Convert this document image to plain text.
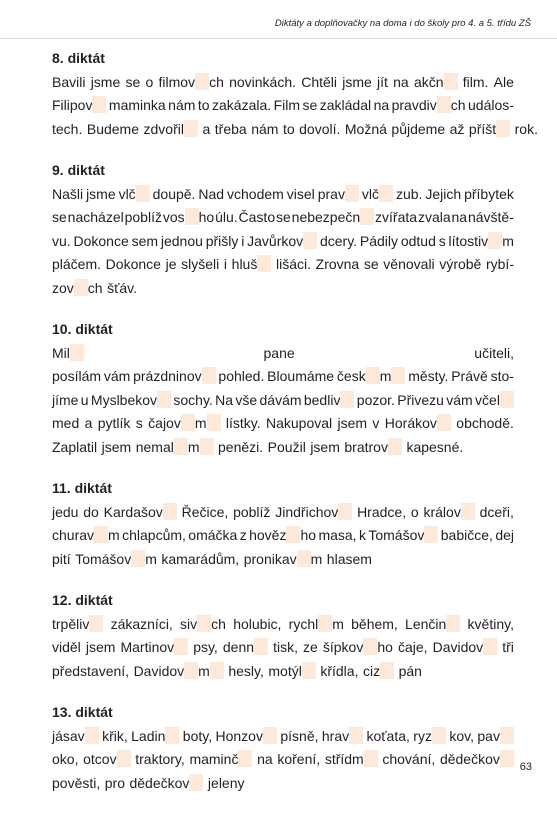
Diktáty a doplňovačky na doma i do školy pro 4. a 5. třídu ZŠ

8. diktát

Bavili jsme se o filmov ch novinkách. Chtěli jsme jít na akčn	film. Ale

Filipov	maminka nám to zakázala. Film se zakládal na pravdiv ch událos-

tech. Budeme zdvořil	a třeba nám to dovolí. Možná půjdeme až příšt	rok.

9. diktát

Našli jsme vlč	doupě. Nad vchodem visel prav	vlč	zub. Jejich příbytek

se nacházel poblíž vos ho úlu. Často se nebezpečn	zvířata zvala na návště-

vu. Dokonce sem jednou přišly i Javůrkov	dcery. Pádily odtud s lítostiv m

pláčem. Dokonce je slyšeli i hluš	lišáci. Zrovna se věnovali výrobě rybí-

zov ch šťáv.

10. diktát

Mil	pane	učiteli,

posílám vám prázdninov	pohled. Bloumáme česk m	městy. Právě sto-

jíme u Myslbekov	sochy. Na vše dávám bedliv	pozor. Přivezu vám včel

med a pytlík s čajov m	lístky. Nakupoval jsem v Horákov	obchodě.

Zaplatil jsem nemal m	penězi. Použil jsem bratrov	kapesné.

11. diktát

jedu do Kardašov	Řečice, poblíž Jindřichov	Hradce, o králov	dceři,

churav m chlapcům, omáčka z hověz ho masa, k Tomášov	babičce, dej

pití Tomášov m kamarádům, pronikav m hlasem

12. diktát

trpěliv	zákazníci, siv ch holubic, rychl m během, Lenčin	květiny,

viděl jsem Martinov	psy, denn	tisk, ze šípkov ho čaje, Davidov	tři

představení, Davidov m	hesly, motýl	křídla, ciz	pán

13. diktát

jásav	křik, Ladin	boty, Honzov	písně, hrav	koťata, ryz	kov, pav

oko, otcov	traktory, maminč	na koření, střídm	chování, dědečkov

pověsti, pro dědečkov	jeleny

63
